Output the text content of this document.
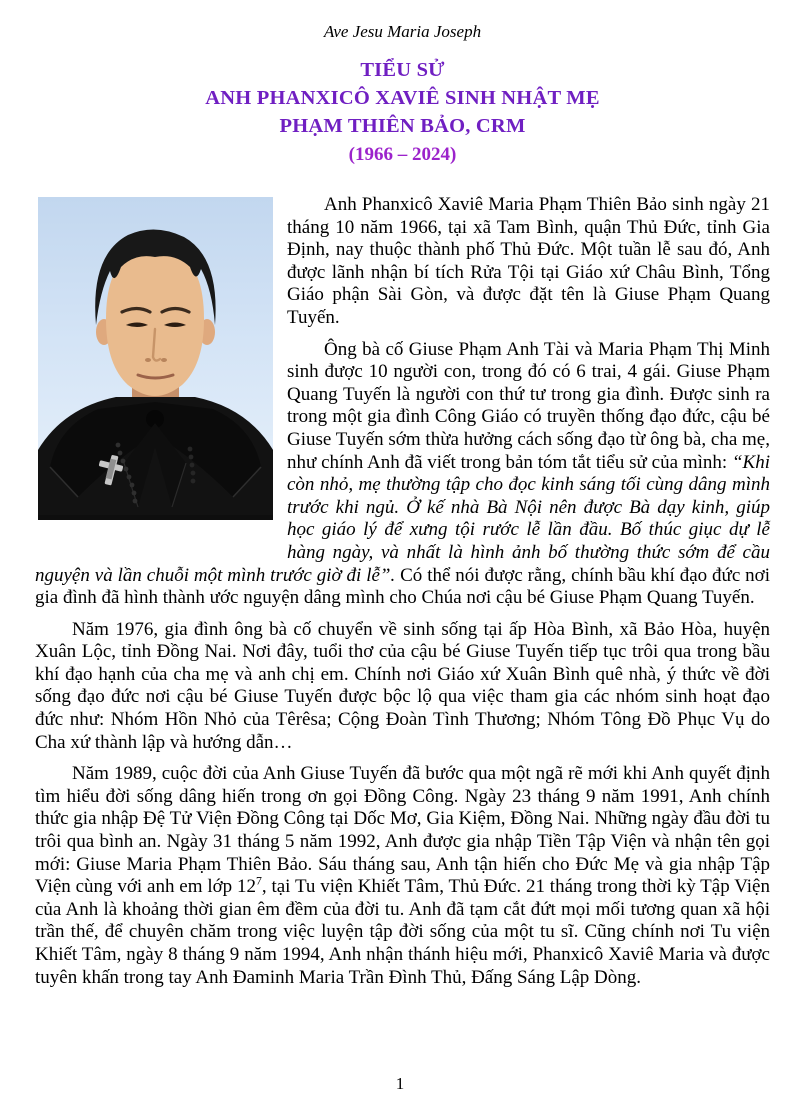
Ave Jesu Maria Joseph
TIỂU SỬ
ANH PHANXICÔ XAVIÊ SINH NHẬT MẸ
PHẠM THIÊN BẢO, CRM
(1966 – 2024)

Anh Phanxicô Xaviê Maria Phạm Thiên Bảo sinh ngày 21 tháng 10 năm 1966, tại xã Tam Bình, quận Thủ Đức, tỉnh Gia Định, nay thuộc thành phố Thủ Đức. Một tuần lễ sau đó, Anh được lãnh nhận bí tích Rửa Tội tại Giáo xứ Châu Bình, Tổng Giáo phận Sài Gòn, và được đặt tên là Giuse Phạm Quang Tuyến.

Ông bà cố Giuse Phạm Anh Tài và Maria Phạm Thị Minh sinh được 10 người con, trong đó có 6 trai, 4 gái. Giuse Phạm Quang Tuyến là người con thứ tư trong gia đình. Được sinh ra trong một gia đình Công Giáo có truyền thống đạo đức, cậu bé Giuse Tuyến sớm thừa hưởng cách sống đạo từ ông bà, cha mẹ, như chính Anh đã viết trong bản tóm tắt tiểu sử của mình: “Khi còn nhỏ, mẹ thường tập cho đọc kinh sáng tối cùng dâng mình trước khi ngủ. Ở kế nhà Bà Nội nên được Bà dạy kinh, giúp học giáo lý để xưng tội rước lễ lần đầu. Bố thúc giục dự lễ hàng ngày, và nhất là hình ảnh bố thường thức sớm để cầu nguyện và lần chuỗi một mình trước giờ đi lễ”. Có thể nói được rằng, chính bầu khí đạo đức nơi gia đình đã hình thành ước nguyện dâng mình cho Chúa nơi cậu bé Giuse Phạm Quang Tuyến.

Năm 1976, gia đình ông bà cố chuyển về sinh sống tại ấp Hòa Bình, xã Bảo Hòa, huyện Xuân Lộc, tỉnh Đồng Nai. Nơi đây, tuổi thơ của cậu bé Giuse Tuyến tiếp tục trôi qua trong bầu khí đạo hạnh của cha mẹ và anh chị em. Chính nơi Giáo xứ Xuân Bình quê nhà, ý thức về đời sống đạo đức nơi cậu bé Giuse Tuyến được bộc lộ qua việc tham gia các nhóm sinh hoạt đạo đức như: Nhóm Hồn Nhỏ của Têrêsa; Cộng Đoàn Tình Thương; Nhóm Tông Đồ Phục Vụ do Cha xứ thành lập và hướng dẫn…

Năm 1989, cuộc đời của Anh Giuse Tuyến đã bước qua một ngã rẽ mới khi Anh quyết định tìm hiểu đời sống dâng hiến trong ơn gọi Đồng Công. Ngày 23 tháng 9 năm 1991, Anh chính thức gia nhập Đệ Tử Viện Đồng Công tại Dốc Mơ, Gia Kiệm, Đồng Nai. Những ngày đầu đời tu trôi qua bình an. Ngày 31 tháng 5 năm 1992, Anh được gia nhập Tiền Tập Viện và nhận tên gọi mới: Giuse Maria Phạm Thiên Bảo. Sáu tháng sau, Anh tận hiến cho Đức Mẹ và gia nhập Tập Viện cùng với anh em lớp $12^7$, tại Tu viện Khiết Tâm, Thủ Đức. 21 tháng trong thời kỳ Tập Viện của Anh là khoảng thời gian êm đềm của đời tu. Anh đã tạm cắt đứt mọi mối tương quan xã hội trần thế, để chuyên chăm trong việc luyện tập đời sống của một tu sĩ. Cũng chính nơi Tu viện Khiết Tâm, ngày 8 tháng 9 năm 1994, Anh nhận thánh hiệu mới, Phanxicô Xaviê Maria và được tuyên khấn trong tay Anh Đaminh Maria Trần Đình Thủ, Đấng Sáng Lập Dòng.

1
